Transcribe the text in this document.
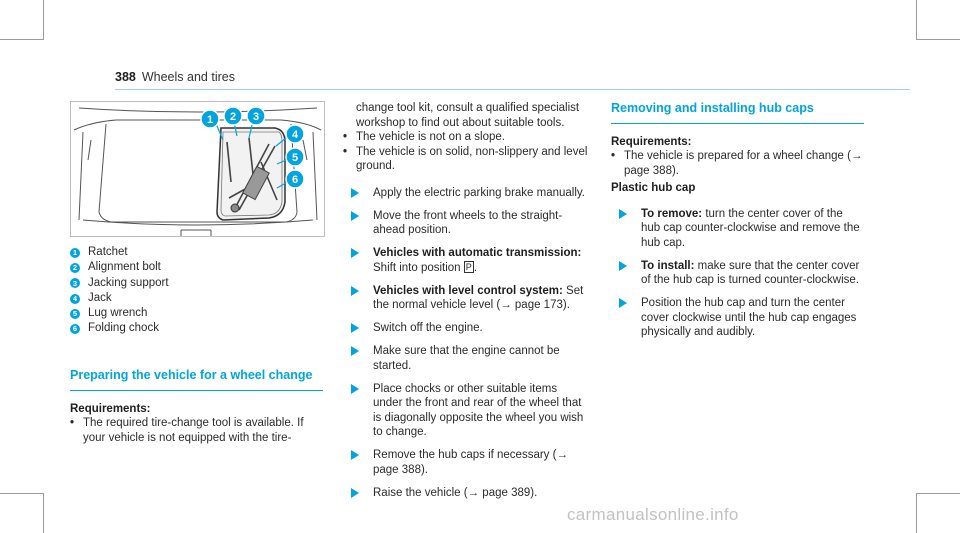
388 Wheels and tires
1 2 3
4
5
6
1 Ratchet
2 Alignment bolt
3 Jacking support
4 Jack
5 Lug wrench
6 Folding chock
Preparing the vehicle for a wheel change
Requirements:
• The required tire-change tool is available. If your vehicle is not equipped with the tire-
change tool kit, consult a qualified specialist workshop to find out about suitable tools.
• The vehicle is not on a slope.
• The vehicle is on solid, non-slippery and level ground.
Apply the electric parking brake manually.
Move the front wheels to the straight-ahead position.
Vehicles with automatic transmission:
Shift into position P .
Vehicles with level control system: Set the normal vehicle level (→ page 173).
Switch off the engine.
Make sure that the engine cannot be started.
Place chocks or other suitable items under the front and rear of the wheel that is diagonally opposite the wheel you wish to change.
Remove the hub caps if necessary (→ page 388).
Raise the vehicle (→ page 389).
Removing and installing hub caps
Requirements:
• The vehicle is prepared for a wheel change (→ page 388).
Plastic hub cap
To remove: turn the center cover of the hub cap counter-clockwise and remove the hub cap.
To install: make sure that the center cover of the hub cap is turned counter-clockwise.
Position the hub cap and turn the center cover clockwise until the hub cap engages physically and audibly.
carmanualsonline.info
